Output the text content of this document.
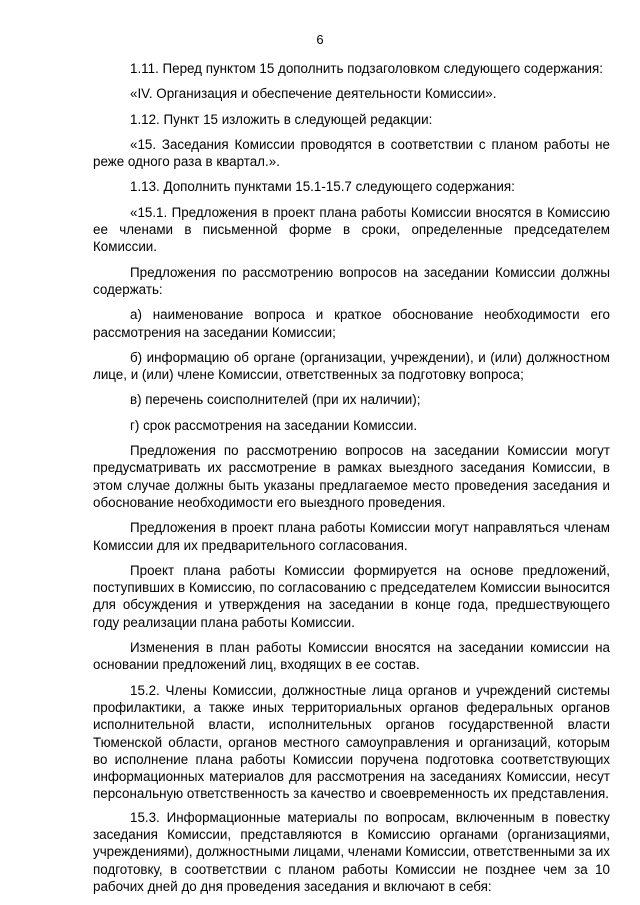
6

1.11. Перед пунктом 15 дополнить подзаголовком следующего содержания:

«IV. Организация и обеспечение деятельности Комиссии».

1.12. Пункт 15 изложить в следующей редакции:

«15. Заседания Комиссии проводятся в соответствии с планом работы не реже одного раза в квартал.».

1.13. Дополнить пунктами 15.1-15.7 следующего содержания:

«15.1. Предложения в проект плана работы Комиссии вносятся в Комиссию ее членами в письменной форме в сроки, определенные председателем Комиссии.

Предложения по рассмотрению вопросов на заседании Комиссии должны содержать:

а) наименование вопроса и краткое обоснование необходимости его рассмотрения на заседании Комиссии;

б) информацию об органе (организации, учреждении), и (или) должностном лице, и (или) члене Комиссии, ответственных за подготовку вопроса;

в) перечень соисполнителей (при их наличии);

г) срок рассмотрения на заседании Комиссии.

Предложения по рассмотрению вопросов на заседании Комиссии могут предусматривать их рассмотрение в рамках выездного заседания Комиссии, в этом случае должны быть указаны предлагаемое место проведения заседания и обоснование необходимости его выездного проведения.

Предложения в проект плана работы Комиссии могут направляться членам Комиссии для их предварительного согласования.

Проект плана работы Комиссии формируется на основе предложений, поступивших в Комиссию, по согласованию с председателем Комиссии выносится для обсуждения и утверждения на заседании в конце года, предшествующего году реализации плана работы Комиссии.

Изменения в план работы Комиссии вносятся на заседании комиссии на основании предложений лиц, входящих в ее состав.

15.2. Члены Комиссии, должностные лица органов и учреждений системы профилактики, а также иных территориальных органов федеральных органов исполнительной власти, исполнительных органов государственной власти Тюменской области, органов местного самоуправления и организаций, которым во исполнение плана работы Комиссии поручена подготовка соответствующих информационных материалов для рассмотрения на заседаниях Комиссии, несут персональную ответственность за качество и своевременность их представления.

15.3. Информационные материалы по вопросам, включенным в повестку заседания Комиссии, представляются в Комиссию органами (организациями, учреждениями), должностными лицами, членами Комиссии, ответственными за их подготовку, в соответствии с планом работы Комиссии не позднее чем за 10 рабочих дней до дня проведения заседания и включают в себя:
